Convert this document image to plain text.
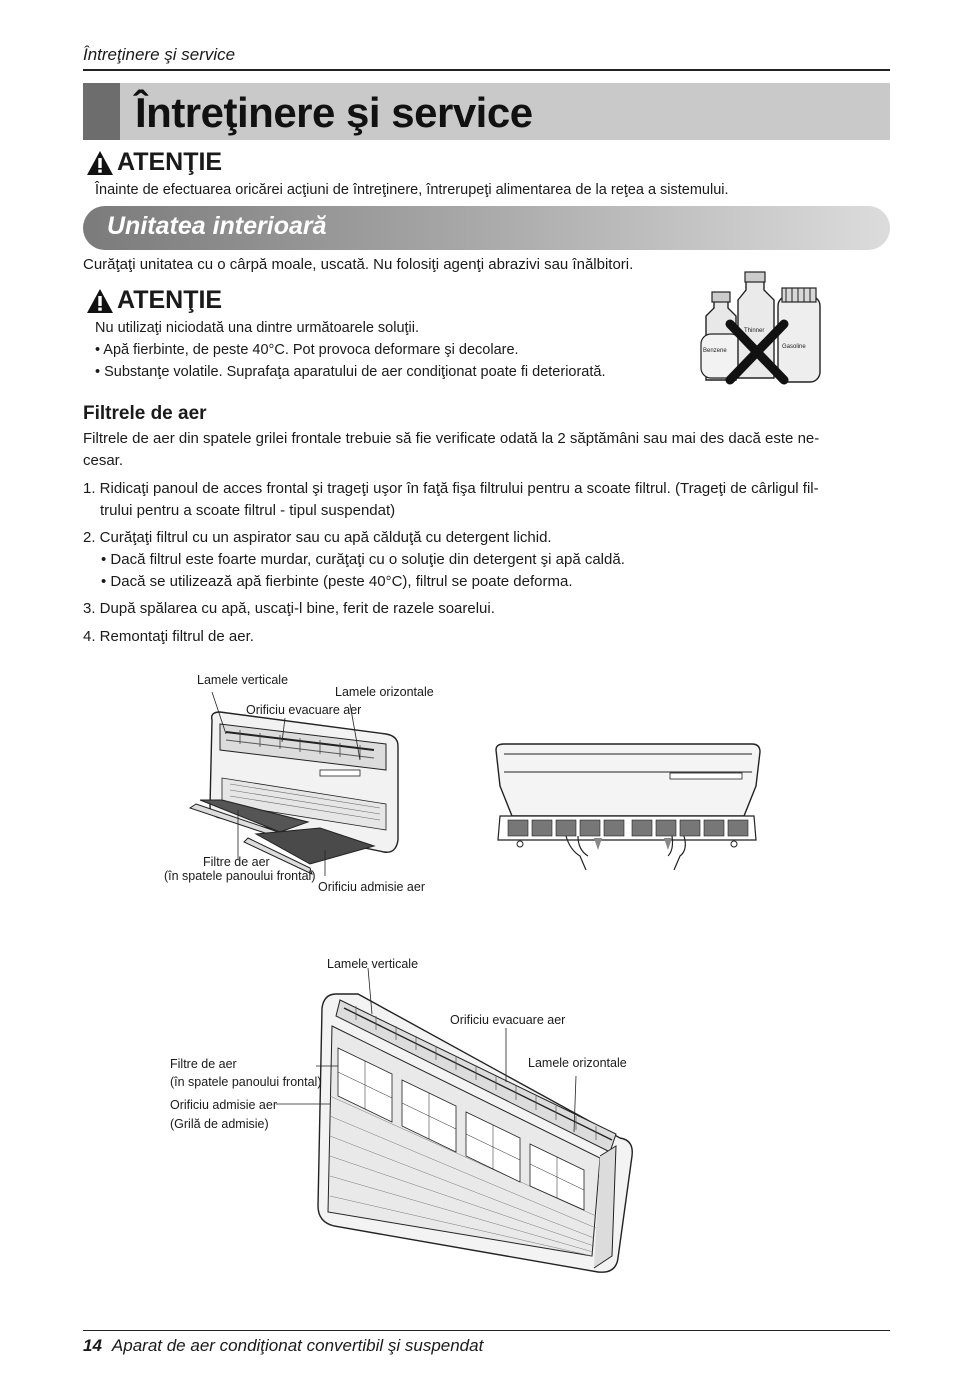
Întreţinere şi service
Întreţinere şi service
ATENŢIE
Înainte de efectuarea oricărei acţiuni de întreţinere, întrerupeţi alimentarea de la reţea a sistemului.
Unitatea interioară
Curăţaţi unitatea cu o cârpă moale, uscată. Nu folosiţi agenţi abrazivi sau înălbitori.
ATENŢIE
Nu utilizaţi niciodată una dintre următoarele soluţii.
• Apă fierbinte, de peste 40°C. Pot provoca deformare şi decolare.
• Substanţe volatile. Suprafaţa aparatului de aer condiţionat poate fi deteriorată.
Benzene
Thinner
Gasoline
Filtrele de aer
Filtrele de aer din spatele grilei frontale trebuie să fie verificate odată la 2 săptămâni sau mai des dacă este ne-
cesar.
1. Ridicaţi panoul de acces frontal şi trageţi uşor în faţă fişa filtrului pentru a scoate filtrul. (Trageţi de cârligul fil-
trului pentru a scoate filtrul - tipul suspendat)
2. Curăţaţi filtrul cu un aspirator sau cu apă călduţă cu detergent lichid.
• Dacă filtrul este foarte murdar, curăţaţi cu o soluţie din detergent şi apă caldă.
• Dacă se utilizează apă fierbinte (peste 40°C), filtrul se poate deforma.
3. După spălarea cu apă, uscaţi-l bine, ferit de razele soarelui.
4. Remontaţi filtrul de aer.
Lamele verticale
Lamele orizontale
Orificiu evacuare aer
Filtre de aer
(în spatele panoului frontal)
Orificiu admisie aer
Lamele verticale
Orificiu evacuare aer
Lamele orizontale
Filtre de aer
(în spatele panoului frontal)
Orificiu admisie aer
(Grilă de admisie)
14 Aparat de aer condiţionat convertibil şi suspendat
